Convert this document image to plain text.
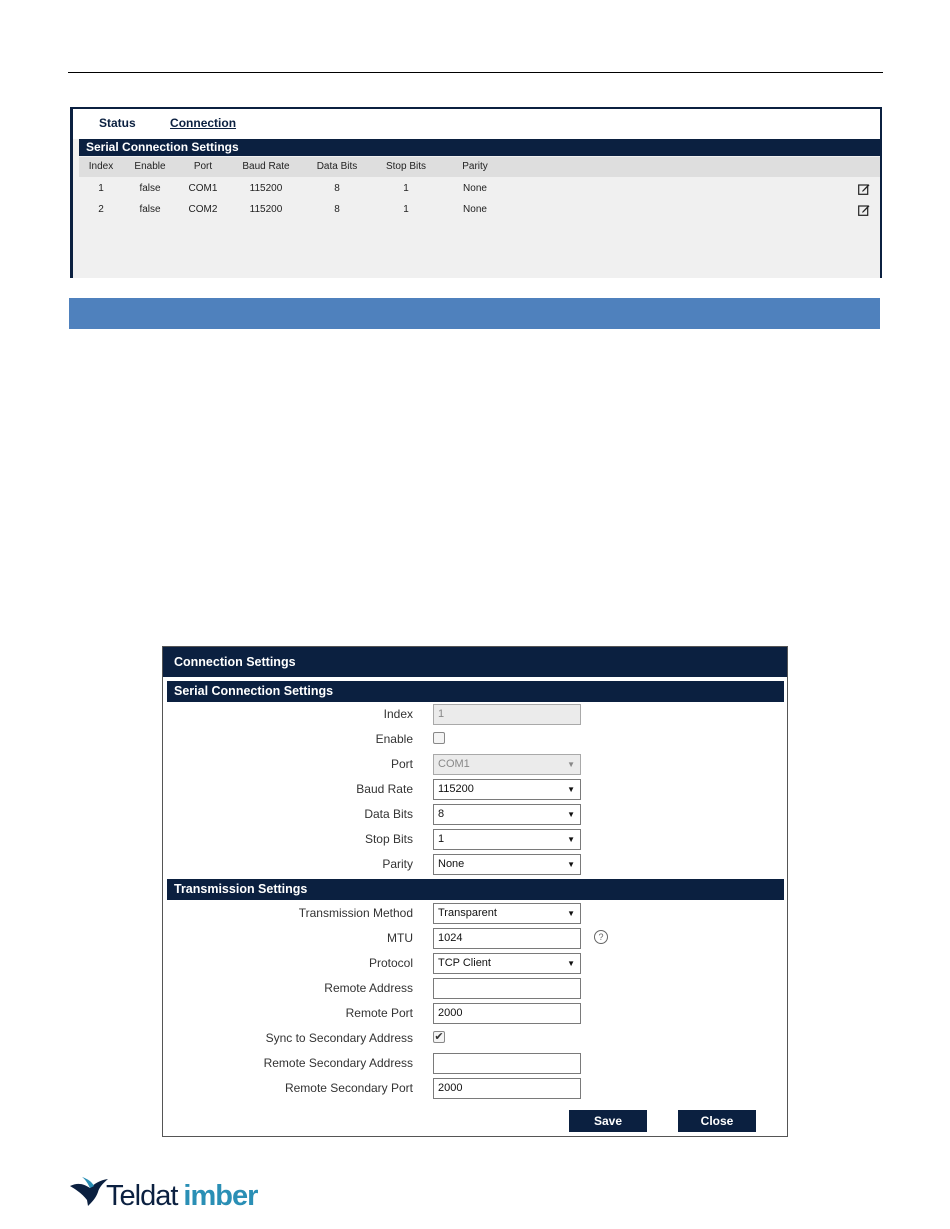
Status	Connection
Serial Connection Settings
Index	Enable	Port	Baud Rate	Data Bits	Stop Bits	Parity
1	false	COM1	115200	8	1	None
2	false	COM2	115200	8	1	None
Connection Settings
Serial Connection Settings
Index	1
Enable
Port	COM1	▼
Baud Rate	115200	▼
Data Bits	8	▼
Stop Bits	1	▼
Parity	None	▼
Transmission Settings
Transmission Method	Transparent	▼
MTU	1024	?
Protocol	TCP Client	▼
Remote Address
Remote Port	2000
Sync to Secondary Address ✔
Remote Secondary Address
Remote Secondary Port	2000
Save	Close
Teldat imber
